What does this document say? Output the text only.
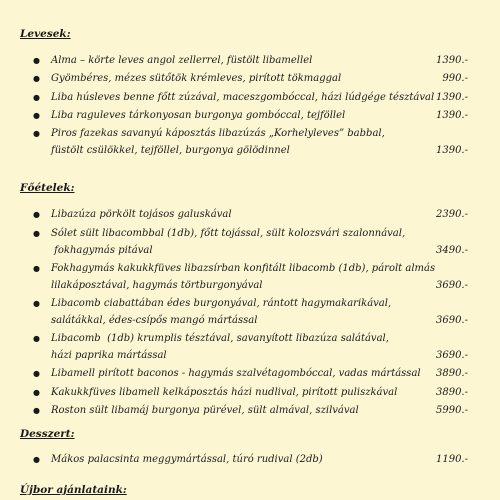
Levesek:
●	Alma – körte leves angol zellerrel, füstölt libamellel	1390.-
●	Gyömbéres, mézes sütőtök krémleves, pirított tökmaggal	990.-
●	Liba húsleves benne főtt zúzával, maceszgombóccal, házi lúdgége tésztával 1390.-
●	Liba raguleves tárkonyosan burgonya gombóccal, tejföllel	1390.-
●	Piros fazekas savanyú káposztás libazúzás „Korhelyleves” babbal,
füstölt csülökkel, tejföllel, burgonya gölödinnel	1390.-
Főételek:
●	Libazúza pörkölt tojásos galuskával	2390.-
●	Sólet sült libacombbal (1db), főtt tojással, sült kolozsvári szalonnával,
fokhagymás pitával	3490.-
●	Fokhagymás kakukkfüves libazsírban konfitált libacomb (1db), párolt almás
lilakáposztával, hagymás törtburgonyával	3690.-
●	Libacomb ciabattában édes burgonyával, rántott hagymakarikával,
salátákkal, édes-csípős mangó mártással	3690.-
●	Libacomb  (1db) krumplis tésztával, savanyított libazúza salátával,
házi paprika mártással	3690.-
●	Libamell pirított baconos - hagymás szalvétagombóccal, vadas mártással 3890.-
●	Kakukkfüves libamell kelkáposztás házi nudlival, pirított puliszkával	3890.-
●	Roston sült libamáj burgonya pürével, sült almával, szilvával	5990.-
Desszert:
●	Mákos palacsinta meggymártással, túró rudival (2db)	1190.-
Újbor ajánlataink:
